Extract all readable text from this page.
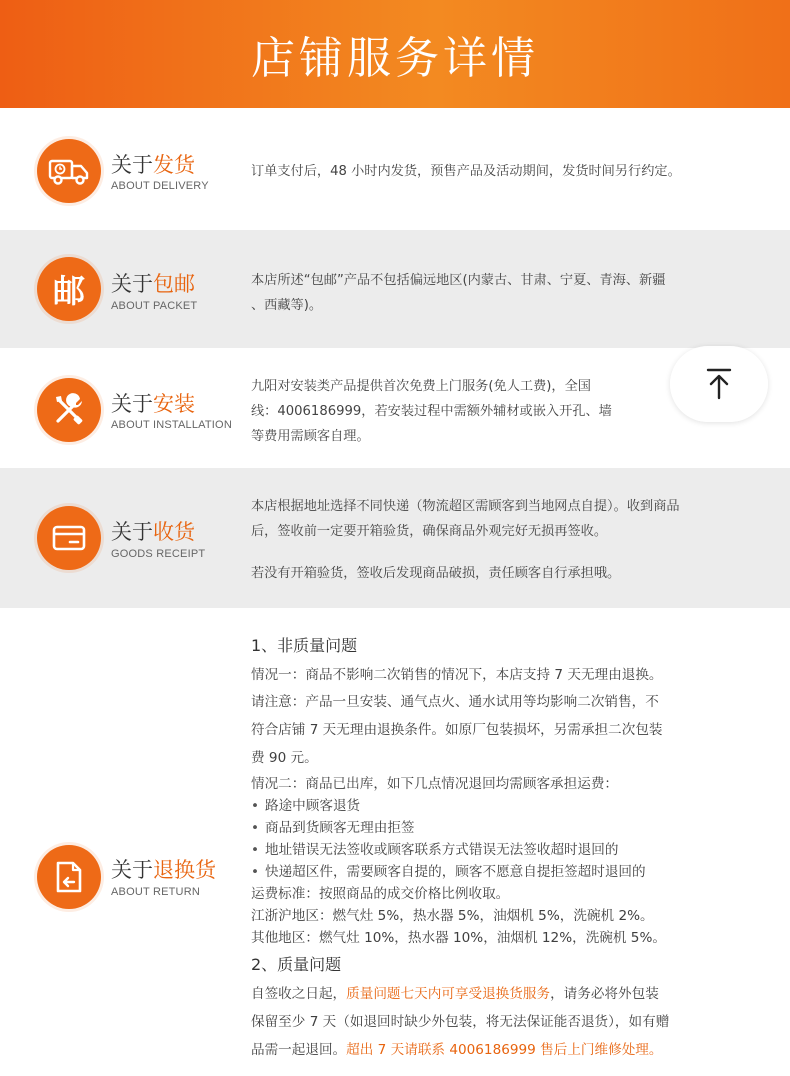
店铺服务详情
关于发货
ABOUT DELIVERY

订单支付后，48 小时内发货，预售产品及活动期间，发货时间另行约定。

邮 关于包邮
ABOUT PACKET

本店所述“包邮”产品不包括偏远地区(内蒙古、甘肃、宁夏、青海、新疆

、西藏等)。

关于安装
ABOUT INSTALLATION

九阳对安装类产品提供首次免费上门服务(免人工费)，全国

线：4006186999，若安装过程中需额外辅材或嵌入开孔、墙

等费用需顾客自理。

关于收货
GOODS RECEIPT

本店根据地址选择不同快递（物流超区需顾客到当地网点自提）。收到商品

后，签收前一定要开箱验货，确保商品外观完好无损再签收。

若没有开箱验货，签收后发现商品破损，责任顾客自行承担哦。

关于退换货
ABOUT RETURN
1、非质量问题
情况一：商品不影响二次销售的情况下，本店支持 7 天无理由退换。
请注意：产品一旦安装、通气点火、通水试用等均影响二次销售，不
符合店铺 7 天无理由退换条件。如原厂包装损坏，另需承担二次包装
费 90 元。
情况二：商品已出库，如下几点情况退回均需顾客承担运费：
• 路途中顾客退货
• 商品到货顾客无理由拒签
• 地址错误无法签收或顾客联系方式错误无法签收超时退回的
• 快递超区件，需要顾客自提的，顾客不愿意自提拒签超时退回的
运费标准：按照商品的成交价格比例收取。
江浙沪地区：燃气灶 5%，热水器 5%，油烟机 5%，洗碗机 2%。
其他地区：燃气灶 10%，热水器 10%，油烟机 12%，洗碗机 5%。
2、质量问题
自签收之日起，质量问题七天内可享受退换货服务，请务必将外包装
保留至少 7 天（如退回时缺少外包装，将无法保证能否退货），如有赠
品需一起退回。超出 7 天请联系 4006186999 售后上门维修处理。
